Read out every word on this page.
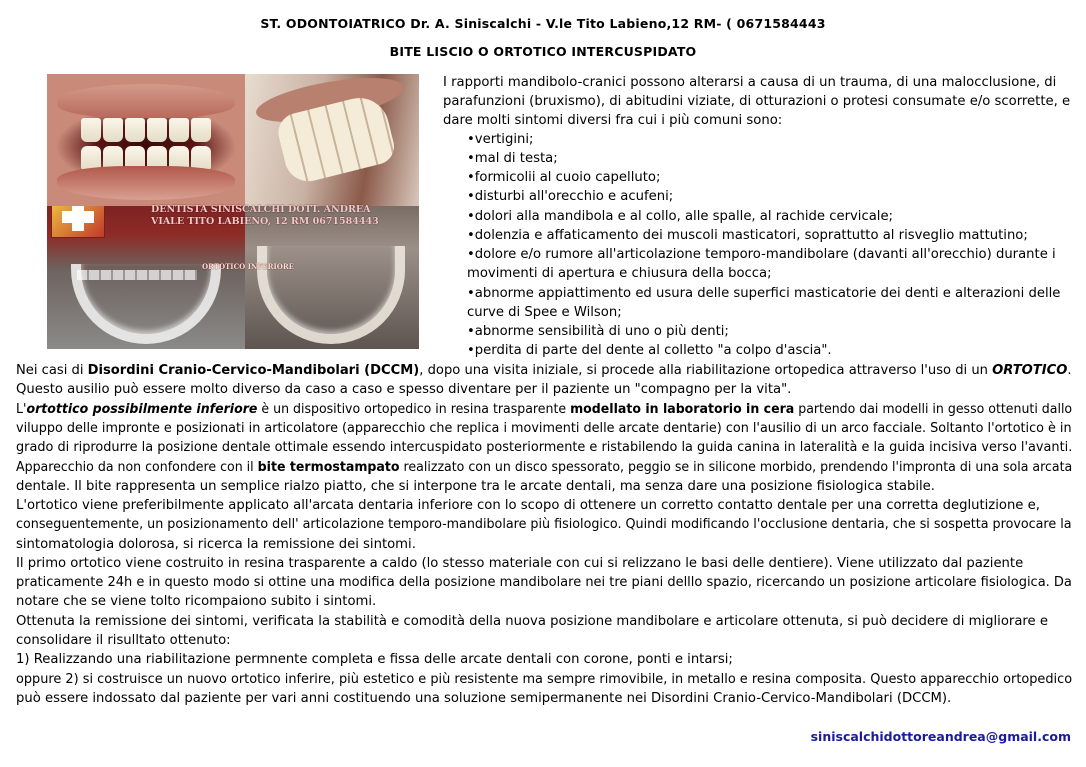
ST. ODONTOIATRICO Dr. A. Siniscalchi - V.le Tito Labieno,12 RM- ( 0671584443
BITE LISCIO O ORTOTICO INTERCUSPIDATO
DENTISTA SINISCALCHI DOTT. ANDREA
VIALE TITO LABIENO, 12 RM 0671584443
ORTOTICO INFERIORE
I rapporti mandibolo-cranici possono alterarsi a causa di un trauma, di una malocclusione, di
parafunzioni (bruxismo), di abitudini viziate, di otturazioni o protesi consumate e/o scorrette, e
dare molti sintomi diversi fra cui i più comuni sono:
•vertigini;
•mal di testa;
•formicolii al cuoio capelluto;
•disturbi all'orecchio e acufeni;
•dolori alla mandibola e al collo, alle spalle, al rachide cervicale;
•dolenzia e affaticamento dei muscoli masticatori, soprattutto al risveglio mattutino;
•dolore e/o rumore all'articolazione temporo-mandibolare (davanti all'orecchio) durante i
movimenti di apertura e chiusura della bocca;
•abnorme appiattimento ed usura delle superfici masticatorie dei denti e alterazioni delle
curve di Spee e Wilson;
•abnorme sensibilità di uno o più denti;
•perdita di parte del dente al colletto "a colpo d'ascia".
Nei casi di Disordini Cranio-Cervico-Mandibolari (DCCM), dopo una visita iniziale, si procede alla riabilitazione ortopedica attraverso l'uso di un ORTOTICO.
Questo ausilio può essere molto diverso da caso a caso e spesso diventare per il paziente un "compagno per la vita".
L'ortottico possibilmente inferiore è un dispositivo ortopedico in resina trasparente modellato in laboratorio in cera partendo dai modelli in gesso ottenuti dallo
viluppo delle impronte e posizionati in articolatore (apparecchio che replica i movimenti delle arcate dentarie) con l'ausilio di un arco facciale. Soltanto l'ortotico è in
grado di riprodurre la posizione dentale ottimale essendo intercuspidato posteriormente e ristabilendo la guida canina in lateralità e la guida incisiva verso l'avanti.
Apparecchio da non confondere con il bite termostampato realizzato con un disco spessorato, peggio se in silicone morbido, prendendo l'impronta di una sola arcata
dentale. Il bite rappresenta un semplice rialzo piatto, che si interpone tra le arcate dentali, ma senza dare una posizione fisiologica stabile.
L'ortotico viene preferibilmente applicato all'arcata dentaria inferiore con lo scopo di ottenere un corretto contatto dentale per una corretta deglutizione e,
conseguentemente, un posizionamento dell' articolazione temporo-mandibolare più fisiologico. Quindi modificando l'occlusione dentaria, che si sospetta provocare la
sintomatologia dolorosa, si ricerca la remissione dei sintomi.
Il primo ortotico viene costruito in resina trasparente a caldo (lo stesso materiale con cui si relizzano le basi delle dentiere). Viene utilizzato dal paziente
praticamente 24h e in questo modo si ottine una modifica della posizione mandibolare nei tre piani delllo spazio, ricercando un posizione articolare fisiologica. Da
notare che se viene tolto ricompaiono subito i sintomi.
Ottenuta la remissione dei sintomi, verificata la stabilità e comodità della nuova posizione mandibolare e articolare ottenuta, si può decidere di migliorare e
consolidare il risulltato ottenuto:
1) Realizzando una riabilitazione permnente completa e fissa delle arcate dentali con corone, ponti e intarsi;
oppure 2) si costruisce un nuovo ortotico inferire, più estetico e più resistente ma sempre rimovibile, in metallo e resina composita. Questo apparecchio ortopedico
può essere indossato dal paziente per vari anni costituendo una soluzione semipermanente nei Disordini Cranio-Cervico-Mandibolari (DCCM).
siniscalchidottoreandrea@gmail.com
